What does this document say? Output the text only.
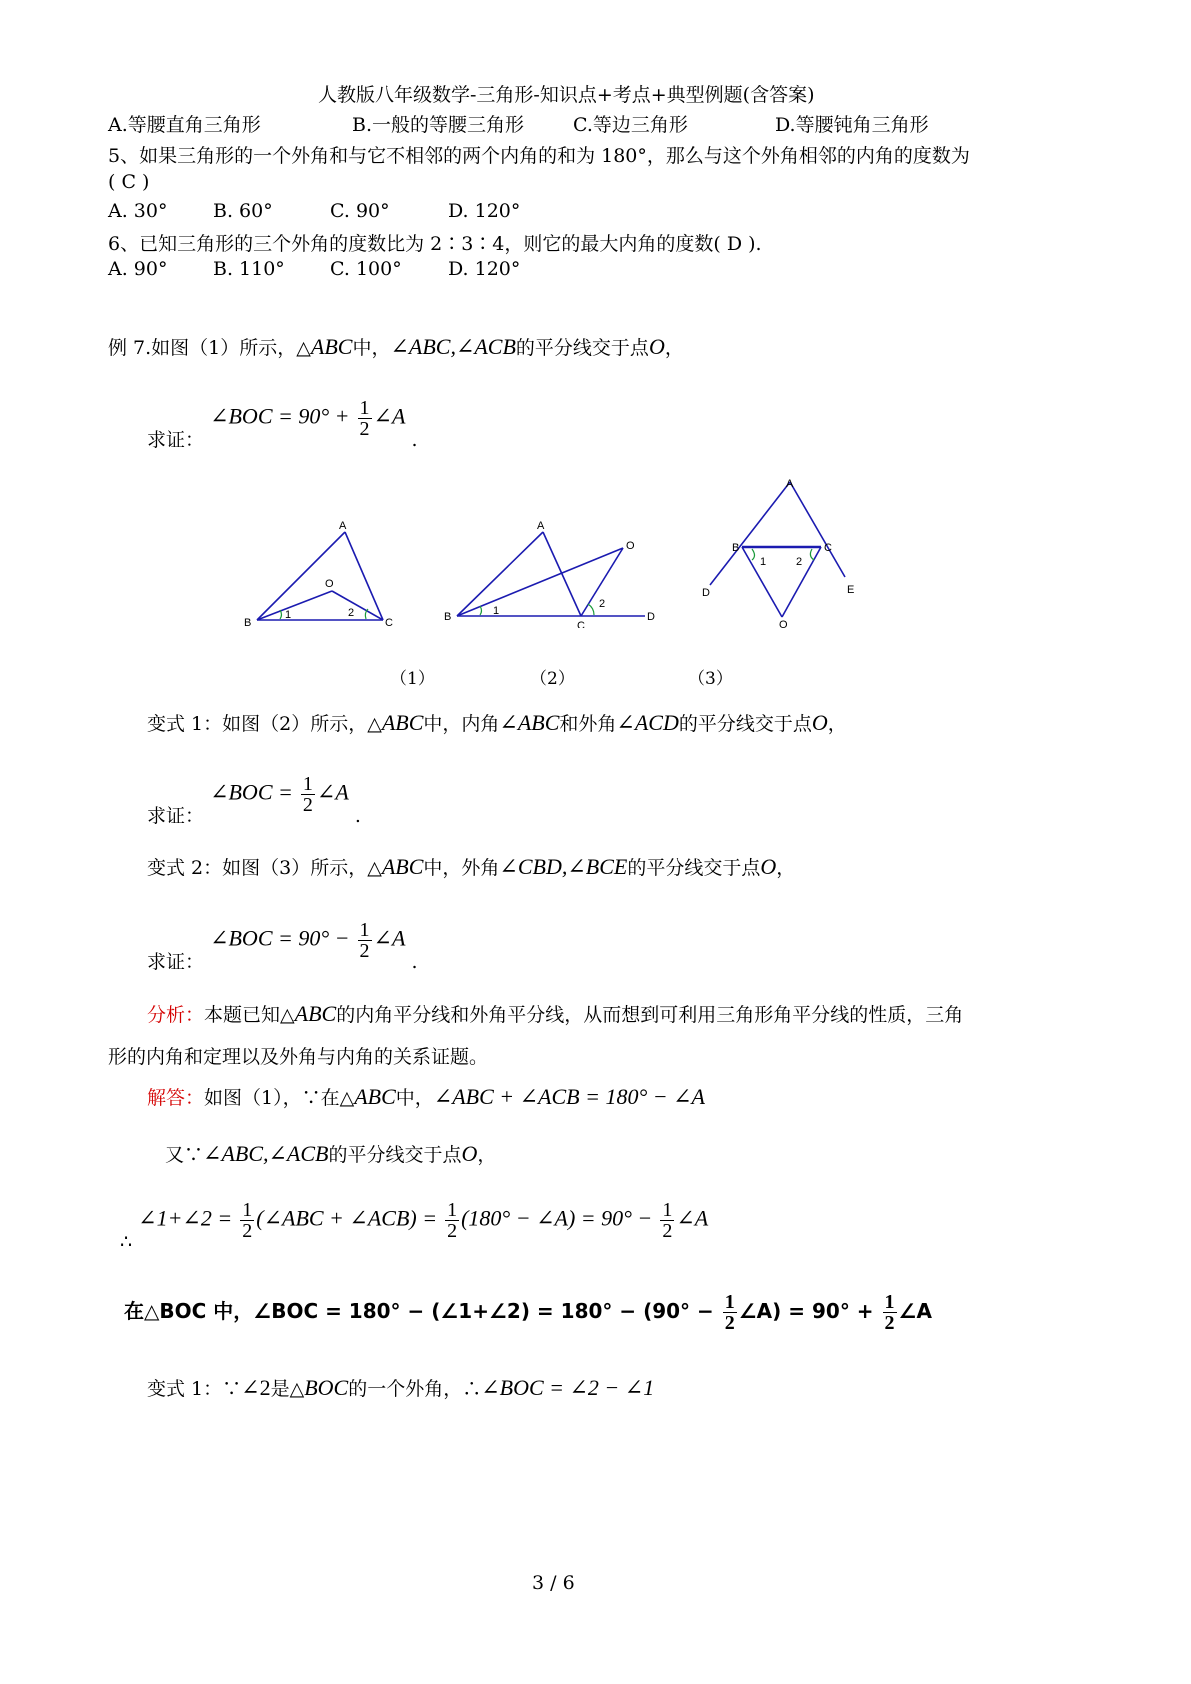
人教版八年级数学-三角形-知识点+考点+典型例题(含答案)
A.等腰直角三角形	B.一般的等腰三角形	C.等边三角形	D.等腰钝角三角形
5、如果三角形的一个外角和与它不相邻的两个内角的和为 180°，那么与这个外角相邻的内角的度数为
( C )
A. 30° B. 60°	C. 90°	D. 120°
6、已知三角形的三个外角的度数比为 2∶3∶4，则它的最大内角的度数( D ).
A. 90° B. 110° C. 100° D. 120°
例 7.如图（1）所示，△ABC中，∠ABC,∠ACB的平分线交于点O，
求证： ∠BOC = $90^\circ + \frac{1}{2}$ ∠A .
A
O
B	C
1	2
A
O
B
C
D
1
2
A
B	C
D	E
O
1	2
（1）	（2）	（3）
变式 1：如图（2）所示，△ABC中，内角∠ABC和外角∠ACD的平分线交于点O，
求证： ∠BOC = $\frac{1}{2}$ ∠A .
变式 2：如图（3）所示，△ABC中，外角∠CBD,∠BCE的平分线交于点O，
求证： ∠BOC = $90^\circ - \frac{1}{2}$ ∠A .
分析：本题已知△ABC的内角平分线和外角平分线，从而想到可利用三角形角平分线的性质，三角
形的内角和定理以及外角与内角的关系证题。
解答：如图（1），∵在△ABC中，∠ABC + ∠ACB = 180° − ∠A
又∵∠ABC,∠ACB的平分线交于点O，
∴ ∠1+∠2 = $\frac{1}{2}$ (∠ABC + ∠ACB) = $\frac{1}{2} (180^\circ$ − ∠A) = $90^\circ - \frac{1}{2}$ ∠A
在△BOC 中，∠BOC = 180° − (∠1+∠2) = $180^\circ - (90^\circ - \frac{1}{2}$ ∠A) = $90^\circ + \frac{1}{2}$ ∠A
变式 1：∵∠2是△BOC的一个外角，∴∠BOC = ∠2 − ∠1
3 / 6
